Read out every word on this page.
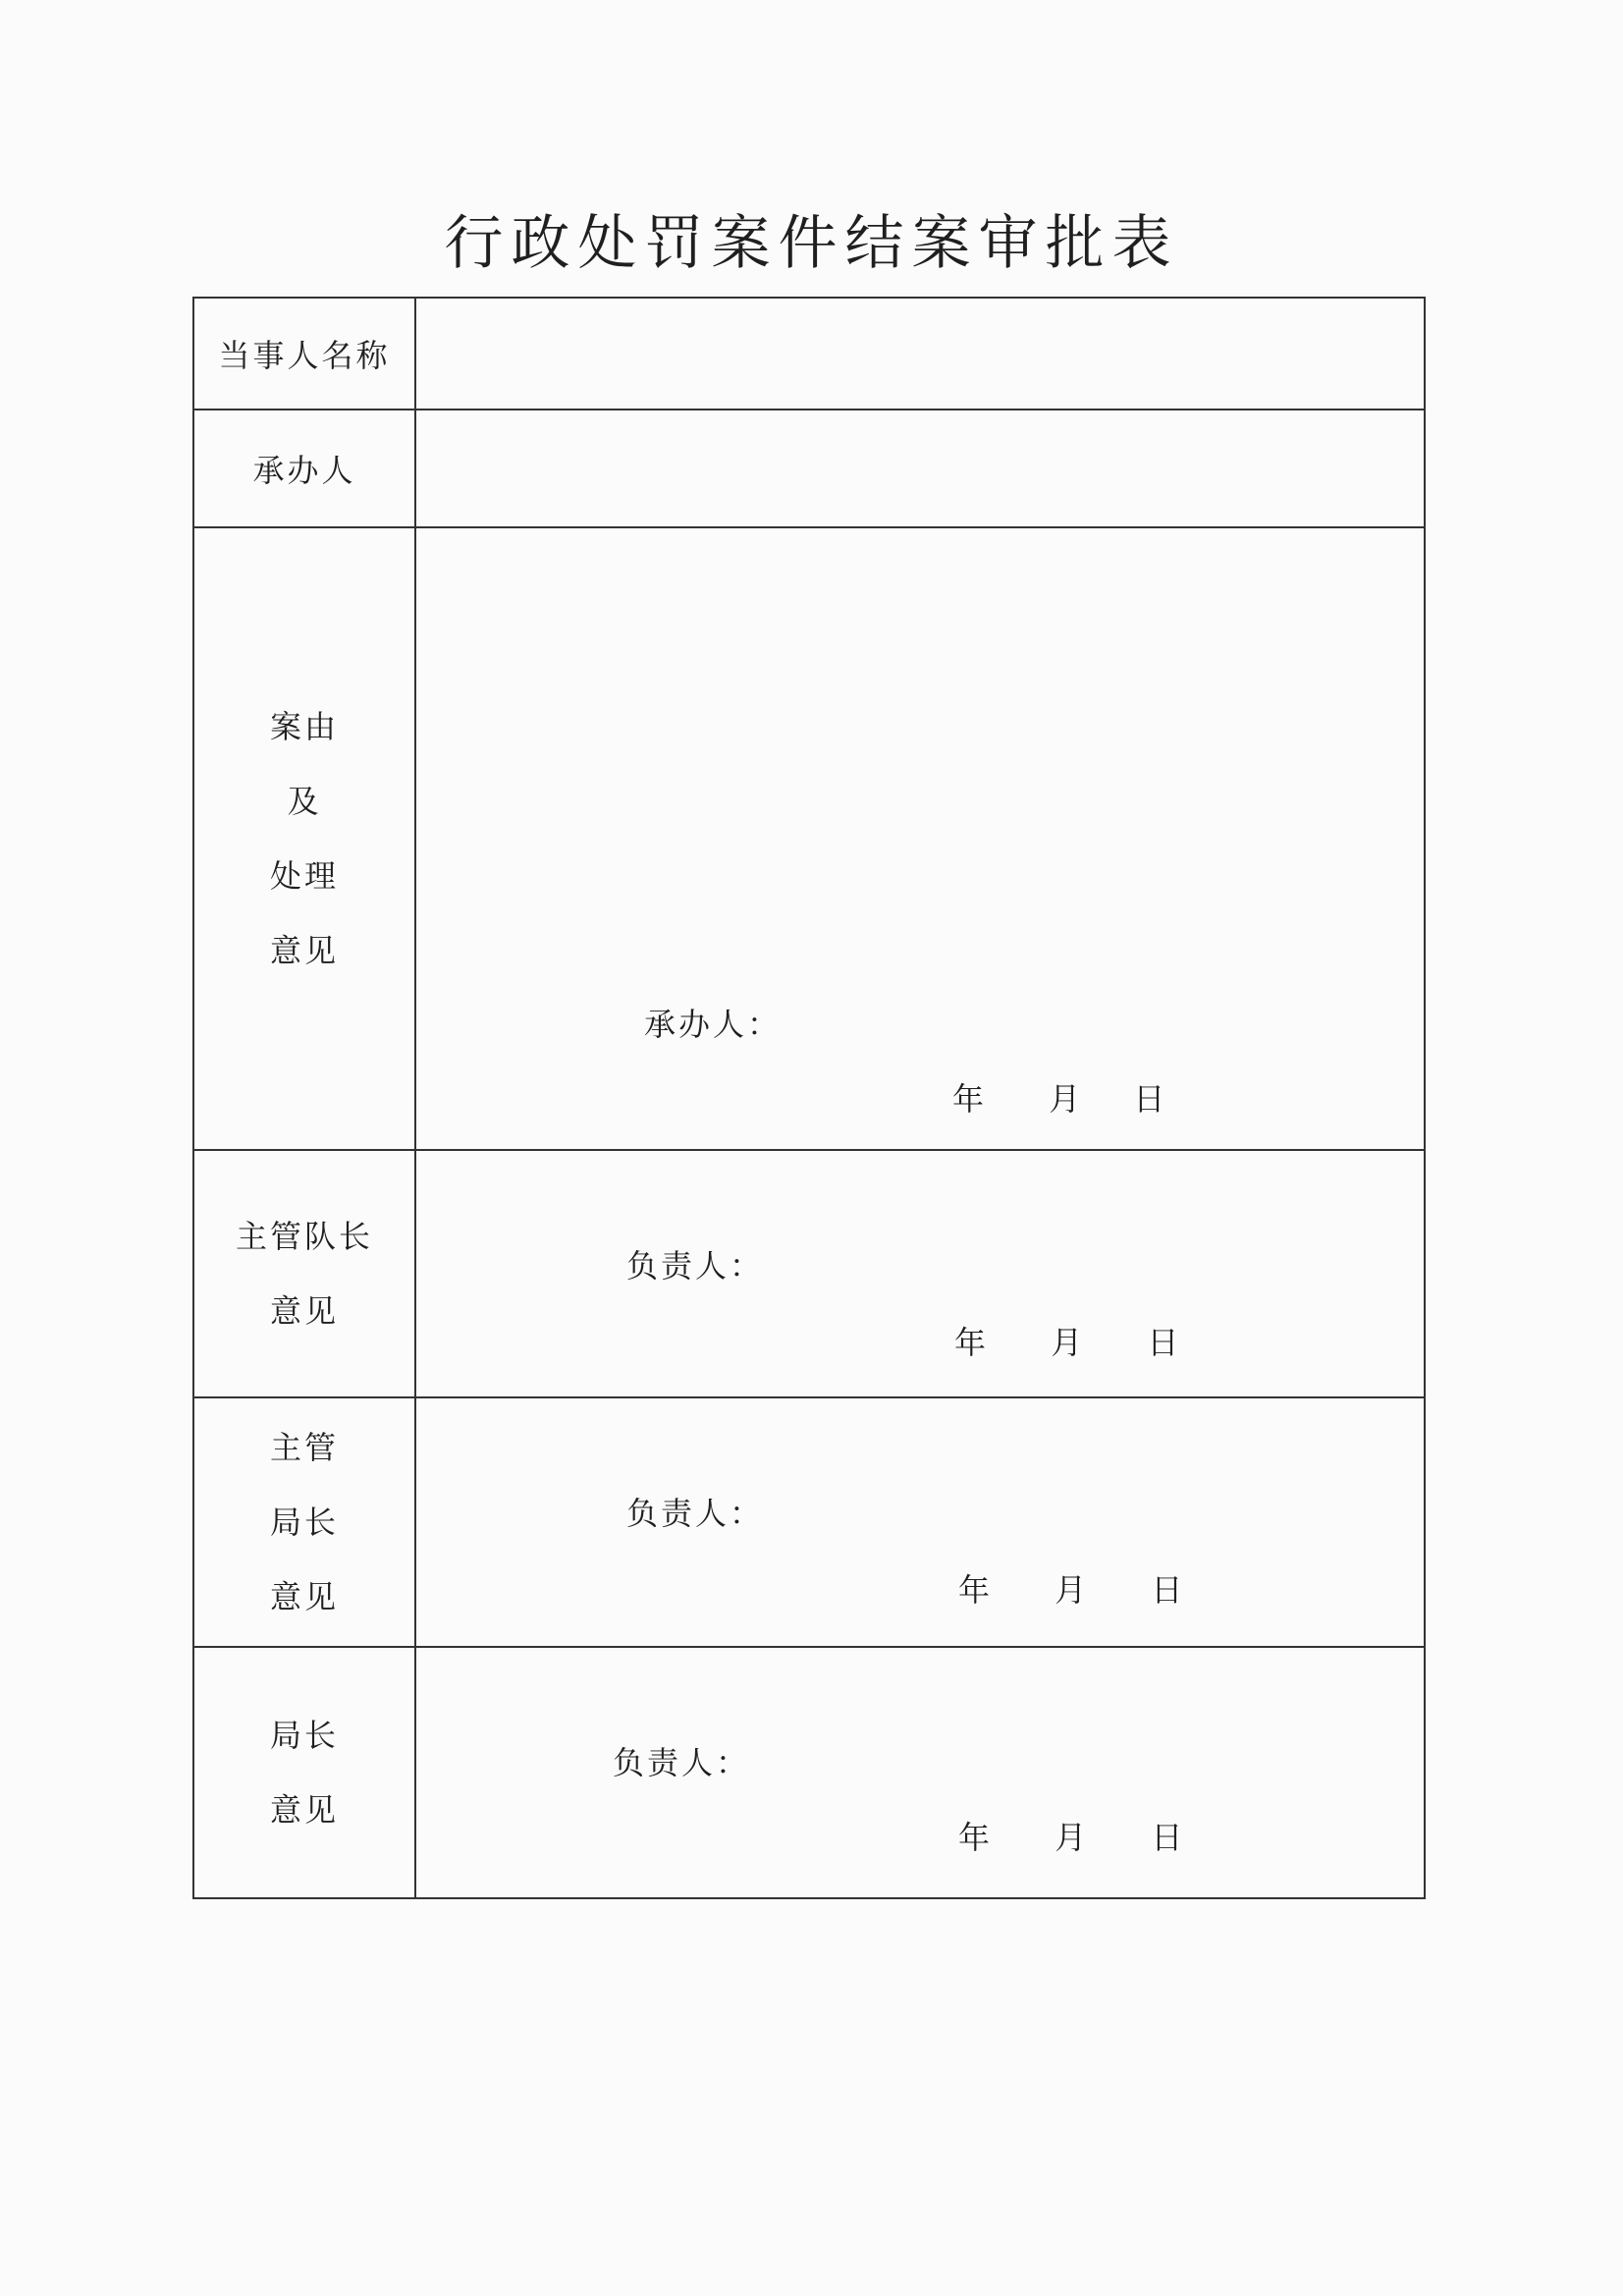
行政处罚案件结案审批表
当事人名称
承办人
案由
及
处理
意见
承办人：
年 月 日
主管队长
意见
负责人：
年 月 日
主管
局长
意见
负责人：
年 月 日
局长
意见
负责人：
年 月 日
